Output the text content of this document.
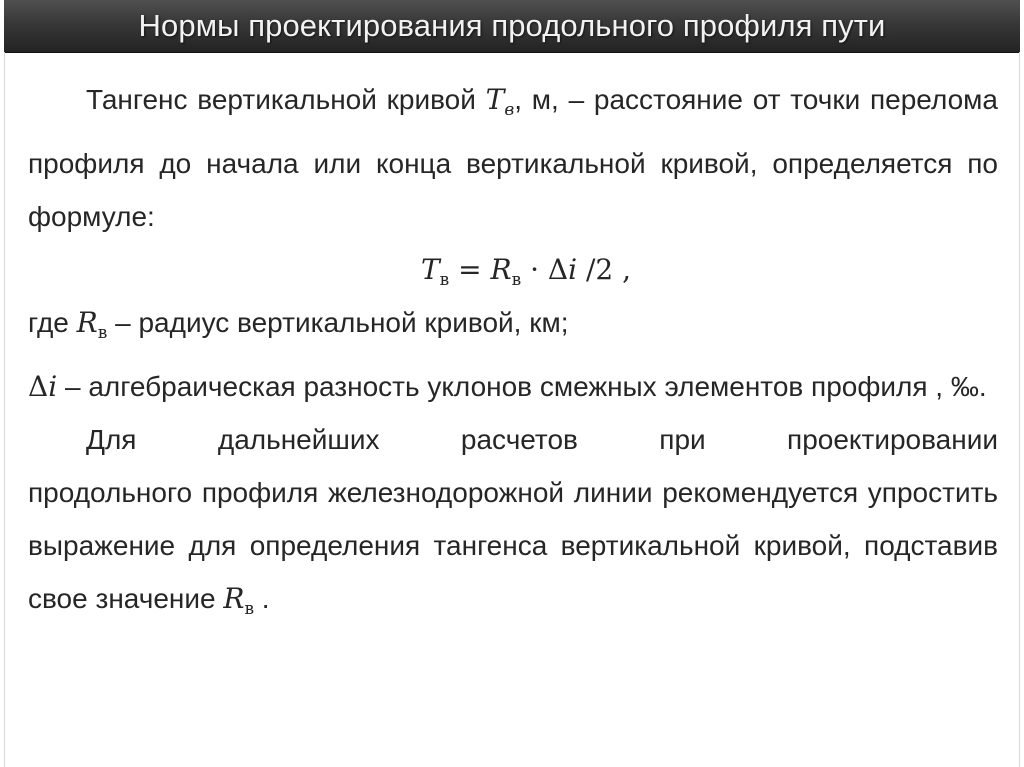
Нормы проектирования продольного профиля пути

Тангенс вертикальной кривой $T_в$, м, – расстояние от точки перелома профиля до начала или конца вертикальной кривой, определяется по формуле:

$T_в = R_в \cdot \Delta i$ /2 ,

где $R_в$ – радиус вертикальной кривой, км;

Δi – алгебраическая разность уклонов смежных элементов профиля , ‰.

Для дальнейших расчетов при проектировании

продольного профиля железнодорожной линии рекомендуется упростить выражение для определения тангенса вертикальной кривой, подставив свое значение $R_в$ .
